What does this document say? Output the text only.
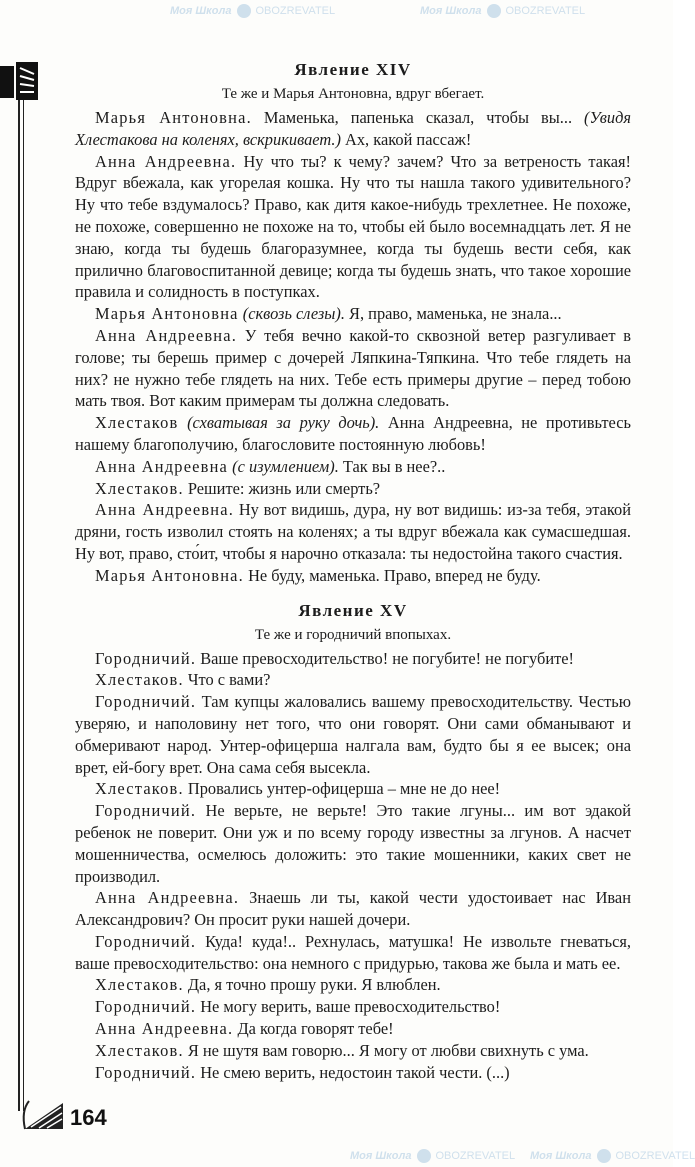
Моя Школа OBOZREVATEL	Моя Школа OBOZREVATEL
Явление XIV
Те же и Марья Антоновна, вдруг вбегает.

Марья Антоновна. Маменька, папенька сказал, чтобы вы... (Увидя Хлестакова на коленях, вскрикивает.) Ах, какой пассаж!

Анна Андреевна. Ну что ты? к чему? зачем? Что за ветреность такая! Вдруг вбежала, как угорелая кошка. Ну что ты нашла такого удивительного? Ну что тебе вздумалось? Право, как дитя какое-нибудь трехлетнее. Не похоже, не похоже, совершенно не похоже на то, чтобы ей было восемнадцать лет. Я не знаю, когда ты будешь благоразумнее, когда ты будешь вести себя, как прилично благовоспитанной девице; когда ты будешь знать, что такое хорошие правила и солидность в поступках.

Марья Антоновна (сквозь слезы). Я, право, маменька, не знала...

Анна Андреевна. У тебя вечно какой-то сквозной ветер разгуливает в голове; ты берешь пример с дочерей Ляпкина-Тяпкина. Что тебе глядеть на них? не нужно тебе глядеть на них. Тебе есть примеры другие – перед тобою мать твоя. Вот каким примерам ты должна следовать.

Хлестаков (схватывая за руку дочь). Анна Андреевна, не противьтесь нашему благополучию, благословите постоянную любовь!

Анна Андреевна (с изумлением). Так вы в нее?..

Хлестаков. Решите: жизнь или смерть?

Анна Андреевна. Ну вот видишь, дура, ну вот видишь: из-за тебя, этакой дряни, гость изволил стоять на коленях; а ты вдруг вбежала как сумасшедшая. Ну вот, право, сто́ит, чтобы я нарочно отказала: ты недостойна такого счастия.

Марья Антоновна. Не буду, маменька. Право, вперед не буду.

Явление XV
Те же и городничий впопыхах.

Городничий. Ваше превосходительство! не погубите! не погубите!

Хлестаков. Что с вами?

Городничий. Там купцы жаловались вашему превосходительству. Честью уверяю, и наполовину нет того, что они говорят. Они сами обманывают и обмеривают народ. Унтер-офицерша налгала вам, будто бы я ее высек; она врет, ей-богу врет. Она сама себя высекла.

Хлестаков. Провались унтер-офицерша – мне не до нее!

Городничий. Не верьте, не верьте! Это такие лгуны... им вот эдакой ребенок не поверит. Они уж и по всему городу известны за лгунов. А насчет мошенничества, осмелюсь доложить: это такие мошенники, каких свет не производил.

Анна Андреевна. Знаешь ли ты, какой чести удостоивает нас Иван Александрович? Он просит руки нашей дочери.

Городничий. Куда! куда!.. Рехнулась, матушка! Не извольте гневаться, ваше превосходительство: она немного с придурью, такова же была и мать ее.

Хлестаков. Да, я точно прошу руки. Я влюблен.

Городничий. Не могу верить, ваше превосходительство!

Анна Андреевна. Да когда говорят тебе!

Хлестаков. Я не шутя вам говорю... Я могу от любви свихнуть с ума.

Городничий. Не смею верить, недостоин такой чести. (...)

164
Моя Школа OBOZREVATEL Моя Школа OBOZREVATEL
